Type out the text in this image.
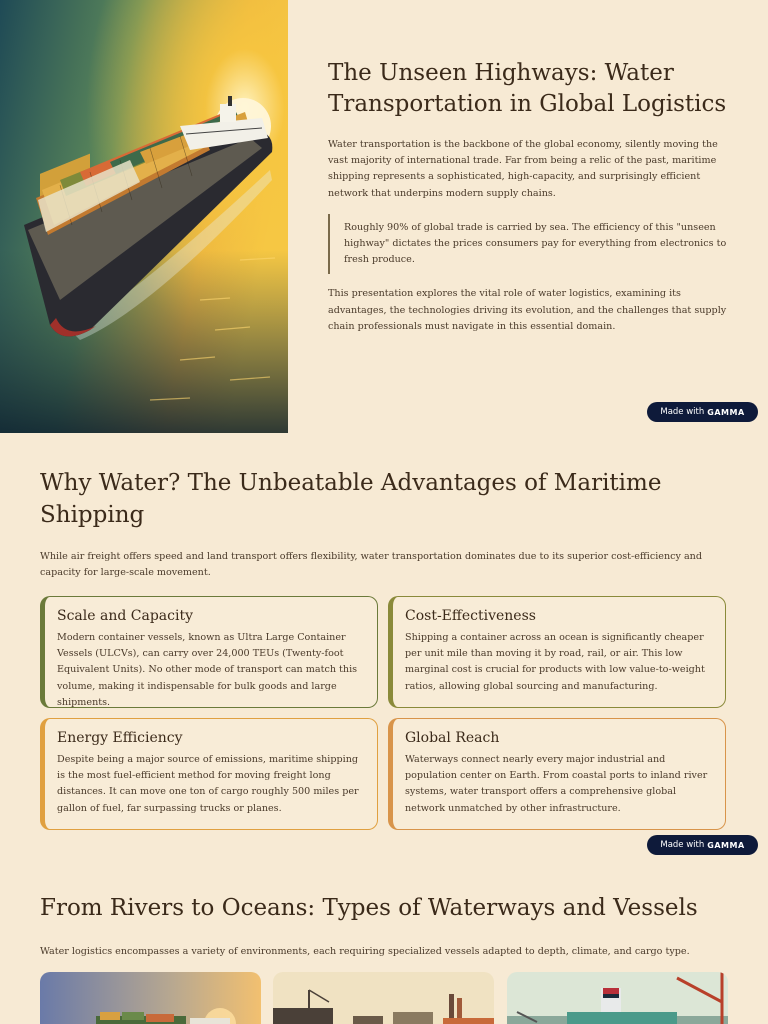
The Unseen Highways: Water Transportation in Global Logistics

Water transportation is the backbone of the global economy, silently moving the vast majority of international trade. Far from being a relic of the past, maritime shipping represents a sophisticated, high-capacity, and surprisingly efficient network that underpins modern supply chains.

Roughly 90% of global trade is carried by sea. The efficiency of this "unseen highway" dictates the prices consumers pay for everything from electronics to fresh produce.

This presentation explores the vital role of water logistics, examining its advantages, the technologies driving its evolution, and the challenges that supply chain professionals must navigate in this essential domain.

Made with GAMMA
Why Water? The Unbeatable Advantages of Maritime Shipping

While air freight offers speed and land transport offers flexibility, water transportation dominates due to its superior cost-efficiency and capacity for large-scale movement.

Scale and Capacity

Modern container vessels, known as Ultra Large Container Vessels (ULCVs), can carry over 24,000 TEUs (Twenty-foot Equivalent Units). No other mode of transport can match this volume, making it indispensable for bulk goods and large shipments.

Cost-Effectiveness

Shipping a container across an ocean is significantly cheaper per unit mile than moving it by road, rail, or air. This low marginal cost is crucial for products with low value-to-weight ratios, allowing global sourcing and manufacturing.

Energy Efficiency

Despite being a major source of emissions, maritime shipping is the most fuel-efficient method for moving freight long distances. It can move one ton of cargo roughly 500 miles per gallon of fuel, far surpassing trucks or planes.

Global Reach

Waterways connect nearly every major industrial and population center on Earth. From coastal ports to inland river systems, water transport offers a comprehensive global network unmatched by other infrastructure.

Made with GAMMA
From Rivers to Oceans: Types of Waterways and Vessels

Water logistics encompasses a variety of environments, each requiring specialized vessels adapted to depth, climate, and cargo type.
